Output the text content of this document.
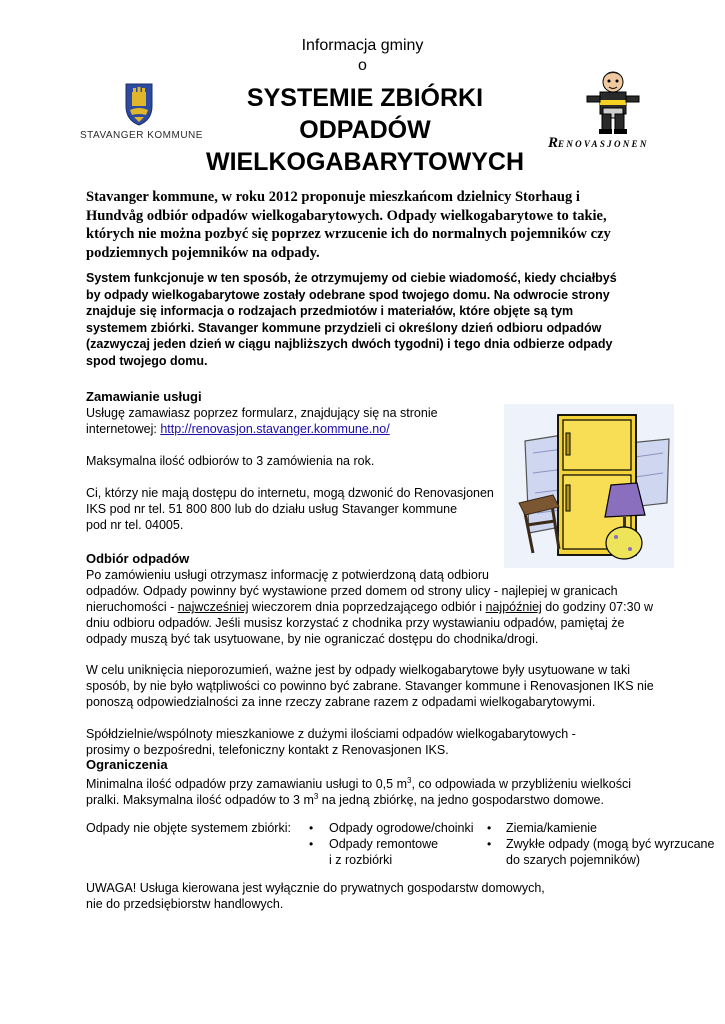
Informacja gminy
o
SYSTEMIE ZBIÓRKI
ODPADÓW
WIELKOGABARYTOWYCH
STAVANGER KOMMUNE	RENOVASJONEN
Stavanger kommune, w roku 2012 proponuje mieszkańcom dzielnicy Storhaug i Hundvåg odbiór odpadów wielkogabarytowych. Odpady wielkogabarytowe to takie, których nie można pozbyć się poprzez wrzucenie ich do normalnych pojemników czy podziemnych pojemników na odpady.
System funkcjonuje w ten sposób, że otrzymujemy od ciebie wiadomość, kiedy chciałbyś by odpady wielkogabarytowe zostały odebrane spod twojego domu. Na odwrocie strony znajduje się informacja o rodzajach przedmiotów i materiałów, które objęte są tym systemem zbiórki. Stavanger kommune przydzieli ci określony dzień odbioru odpadów (zazwyczaj jeden dzień w ciągu najbliższych dwóch tygodni) i tego dnia odbierze odpady spod twojego domu.
Zamawianie usługi
Usługę zamawiasz poprzez formularz, znajdujący się na stronie
internetowej: http://renovasjon.stavanger.kommune.no/
Maksymalna ilość odbiorów to 3 zamówienia na rok.
Ci, którzy nie mają dostępu do internetu, mogą dzwonić do Renovasjonen
IKS pod nr tel. 51 800 800 lub do działu usług Stavanger kommune
pod nr tel. 04005.
Odbiór odpadów
Po zamówieniu usługi otrzymasz informację z potwierdzoną datą odbioru
odpadów. Odpady powinny być wystawione przed domem od strony ulicy - najlepiej w granicach
nieruchomości - najwcześniej wieczorem dnia poprzedzającego odbiór i najpóźniej do godziny 07:30 w
dniu odbioru odpadów. Jeśli musisz korzystać z chodnika przy wystawianiu odpadów, pamiętaj że
odpady muszą być tak usytuowane, by nie ograniczać dostępu do chodnika/drogi.
W celu uniknięcia nieporozumień, ważne jest by odpady wielkogabarytowe były usytuowane w taki
sposób, by nie było wątpliwości co powinno być zabrane. Stavanger kommune i Renovasjonen IKS nie
ponoszą odpowiedzialności za inne rzeczy zabrane razem z odpadami wielkogabarytowymi.
Spółdzielnie/wspólnoty mieszkaniowe z dużymi ilościami odpadów wielkogabarytowych -
prosimy o bezpośredni, telefoniczny kontakt z Renovasjonen IKS.
Ograniczenia
Minimalna ilość odpadów przy zamawianiu usługi to 0,5 $m^3$, co odpowiada w przybliżeniu wielkości
pralki. Maksymalna ilość odpadów to 3 $m^3$ na jedną zbiórkę, na jedno gospodarstwo domowe.
Odpady nie objęte systemem zbiórki: • Odpady ogrodowe/choinki
• Odpady remontowe
i z rozbiórki
• Ziemia/kamienie
• Zwykłe odpady (mogą być wyrzucane
do szarych pojemników)
UWAGA! Usługa kierowana jest wyłącznie do prywatnych gospodarstw domowych,
nie do przedsiębiorstw handlowych.
